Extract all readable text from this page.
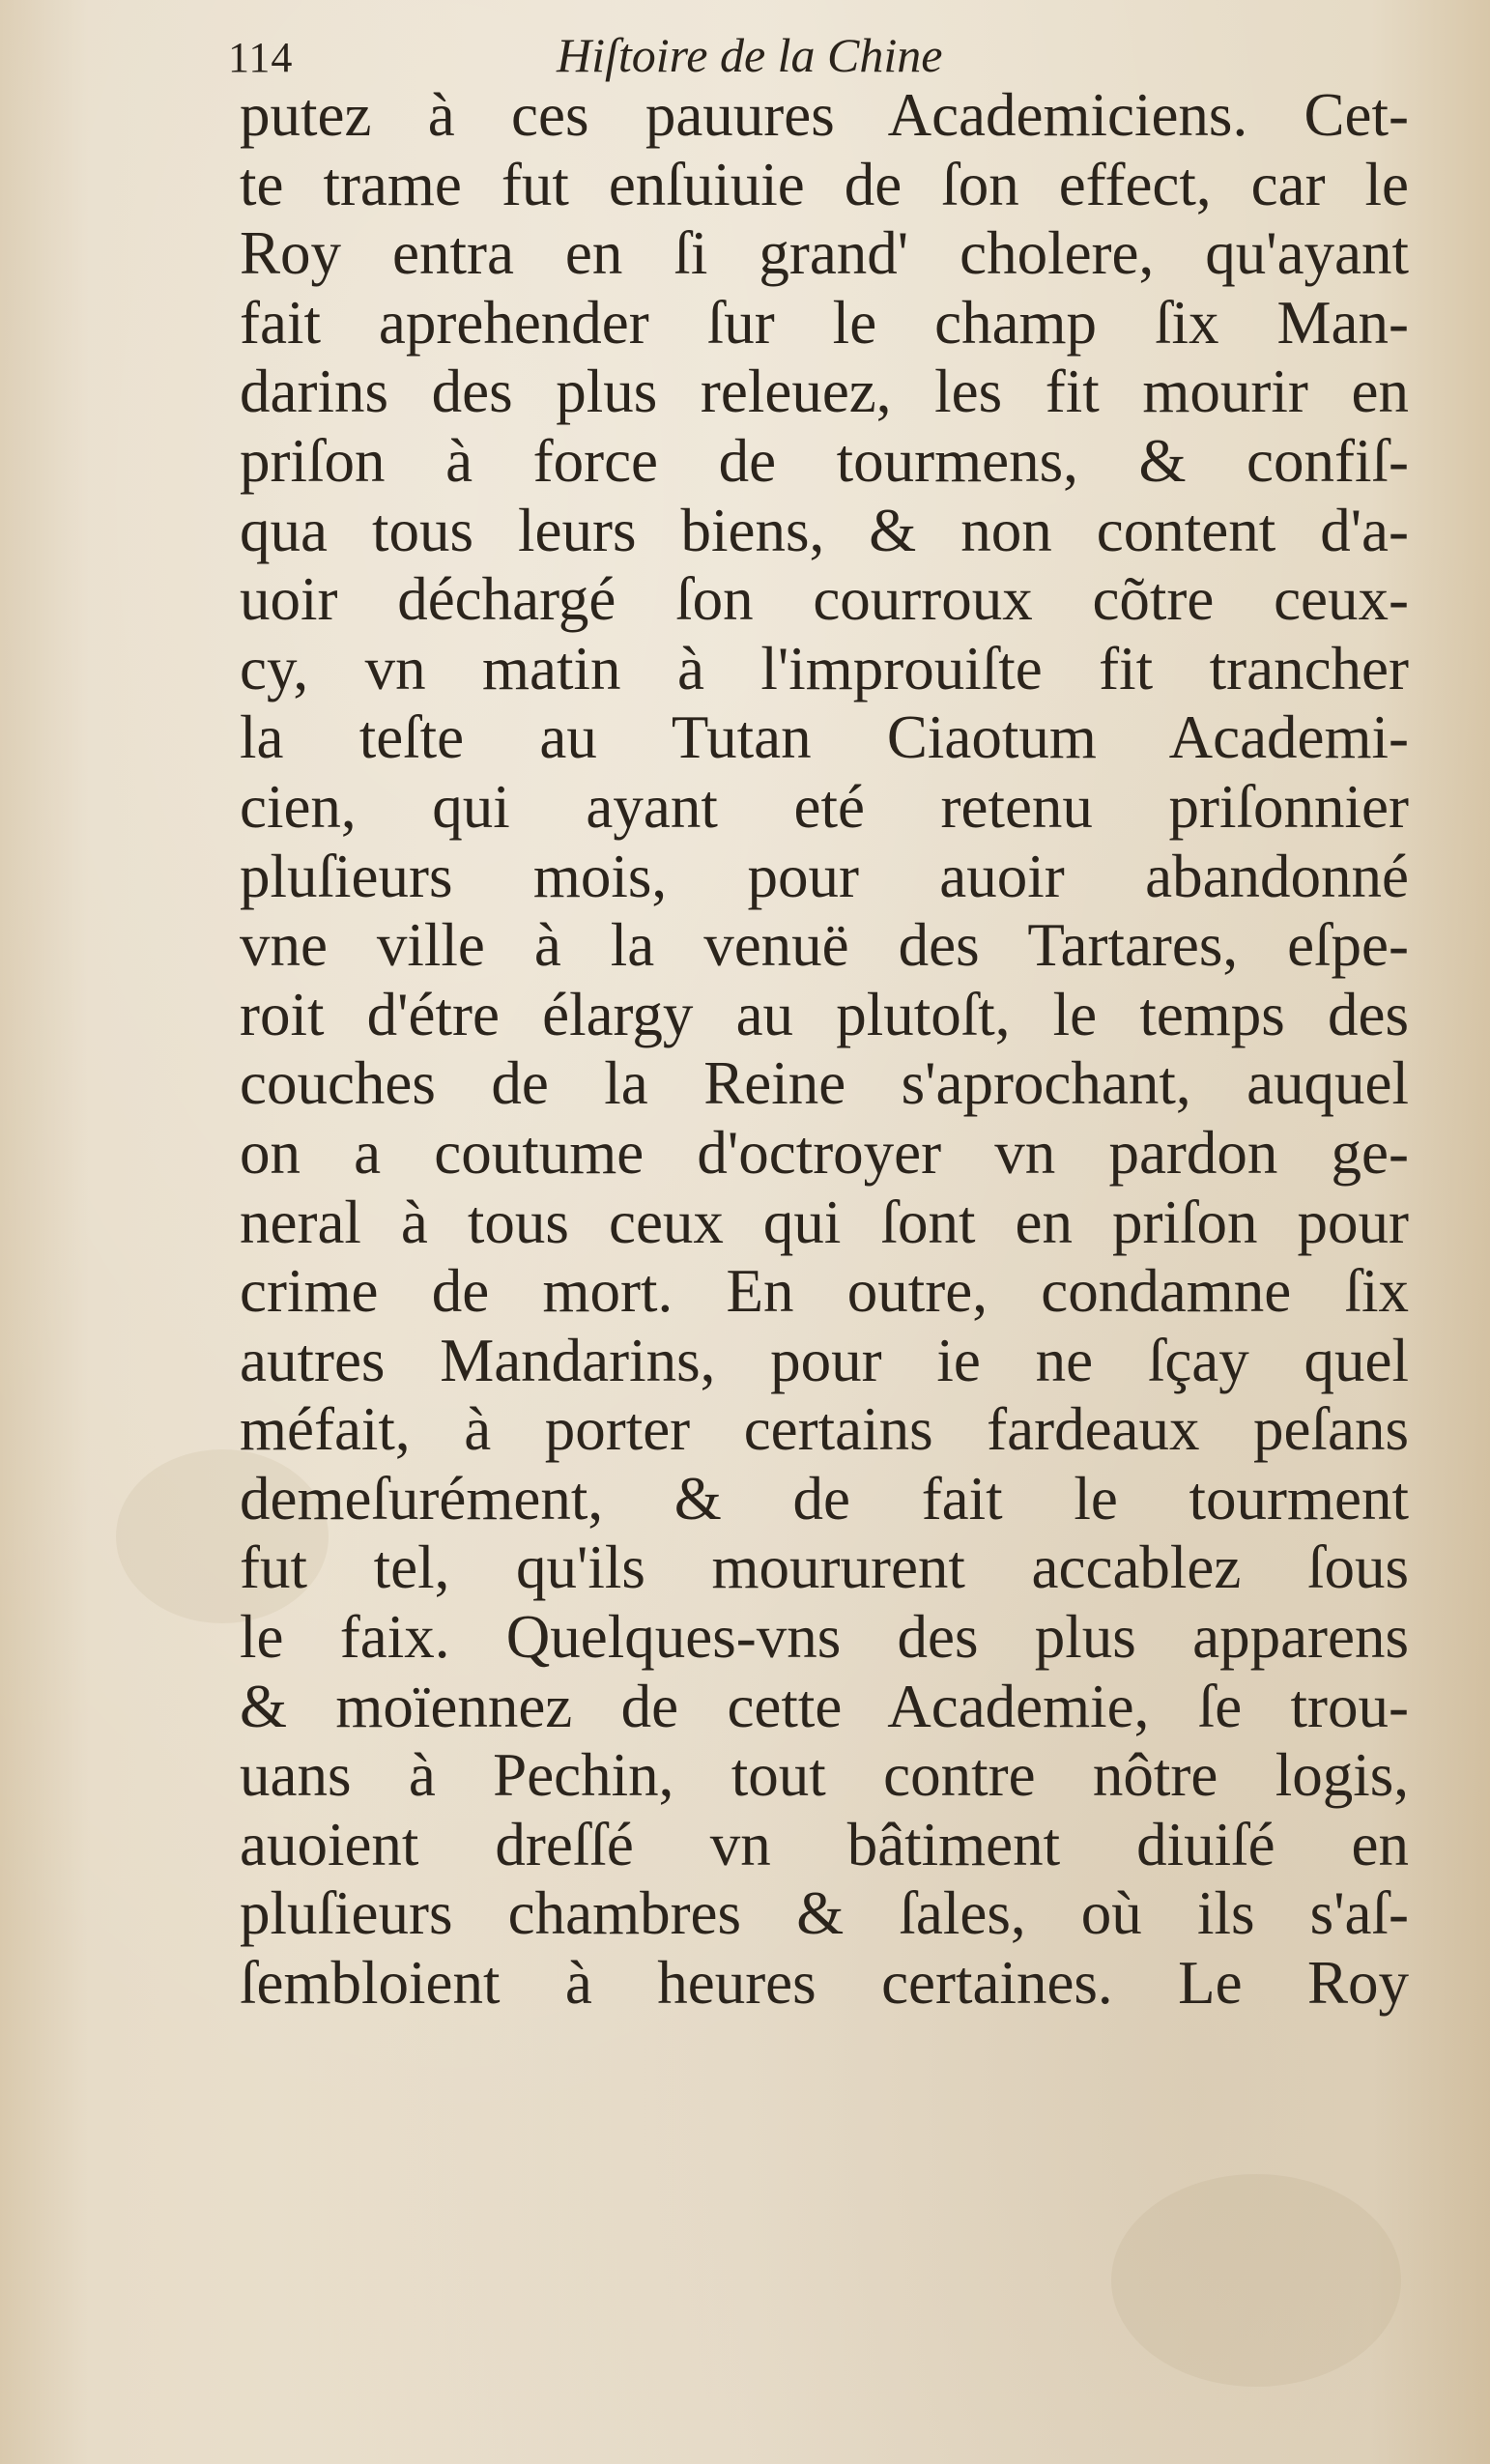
114	Hiſtoire de la Chine
putez à ces pauures Academiciens. Cet-
te trame fut enſuiuie de ſon effect, car le
Roy entra en ſi grand' cholere, qu'ayant
fait aprehender ſur le champ ſix Man-
darins des plus releuez, les fit mourir en
priſon à force de tourmens, & confiſ-
qua tous leurs biens, & non content d'a-
uoir déchargé ſon courroux cõtre ceux-
cy, vn matin à l'improuiſte fit trancher
la teſte au Tutan Ciaotum Academi-
cien, qui ayant eté retenu priſonnier
pluſieurs mois, pour auoir abandonné
vne ville à la venuë des Tartares, eſpe-
roit d'étre élargy au plutoſt, le temps des
couches de la Reine s'aprochant, auquel
on a coutume d'octroyer vn pardon ge-
neral à tous ceux qui ſont en priſon pour
crime de mort. En outre, condamne ſix
autres Mandarins, pour ie ne ſçay quel
méfait, à porter certains fardeaux peſans
demeſurément, & de fait le tourment
fut tel, qu'ils moururent accablez ſous
le faix. Quelques-vns des plus apparens
& moïennez de cette Academie, ſe trou-
uans à Pechin, tout contre nôtre logis,
auoient dreſſé vn bâtiment diuiſé en
pluſieurs chambres & ſales, où ils s'aſ-
ſembloient à heures certaines. Le Roy
